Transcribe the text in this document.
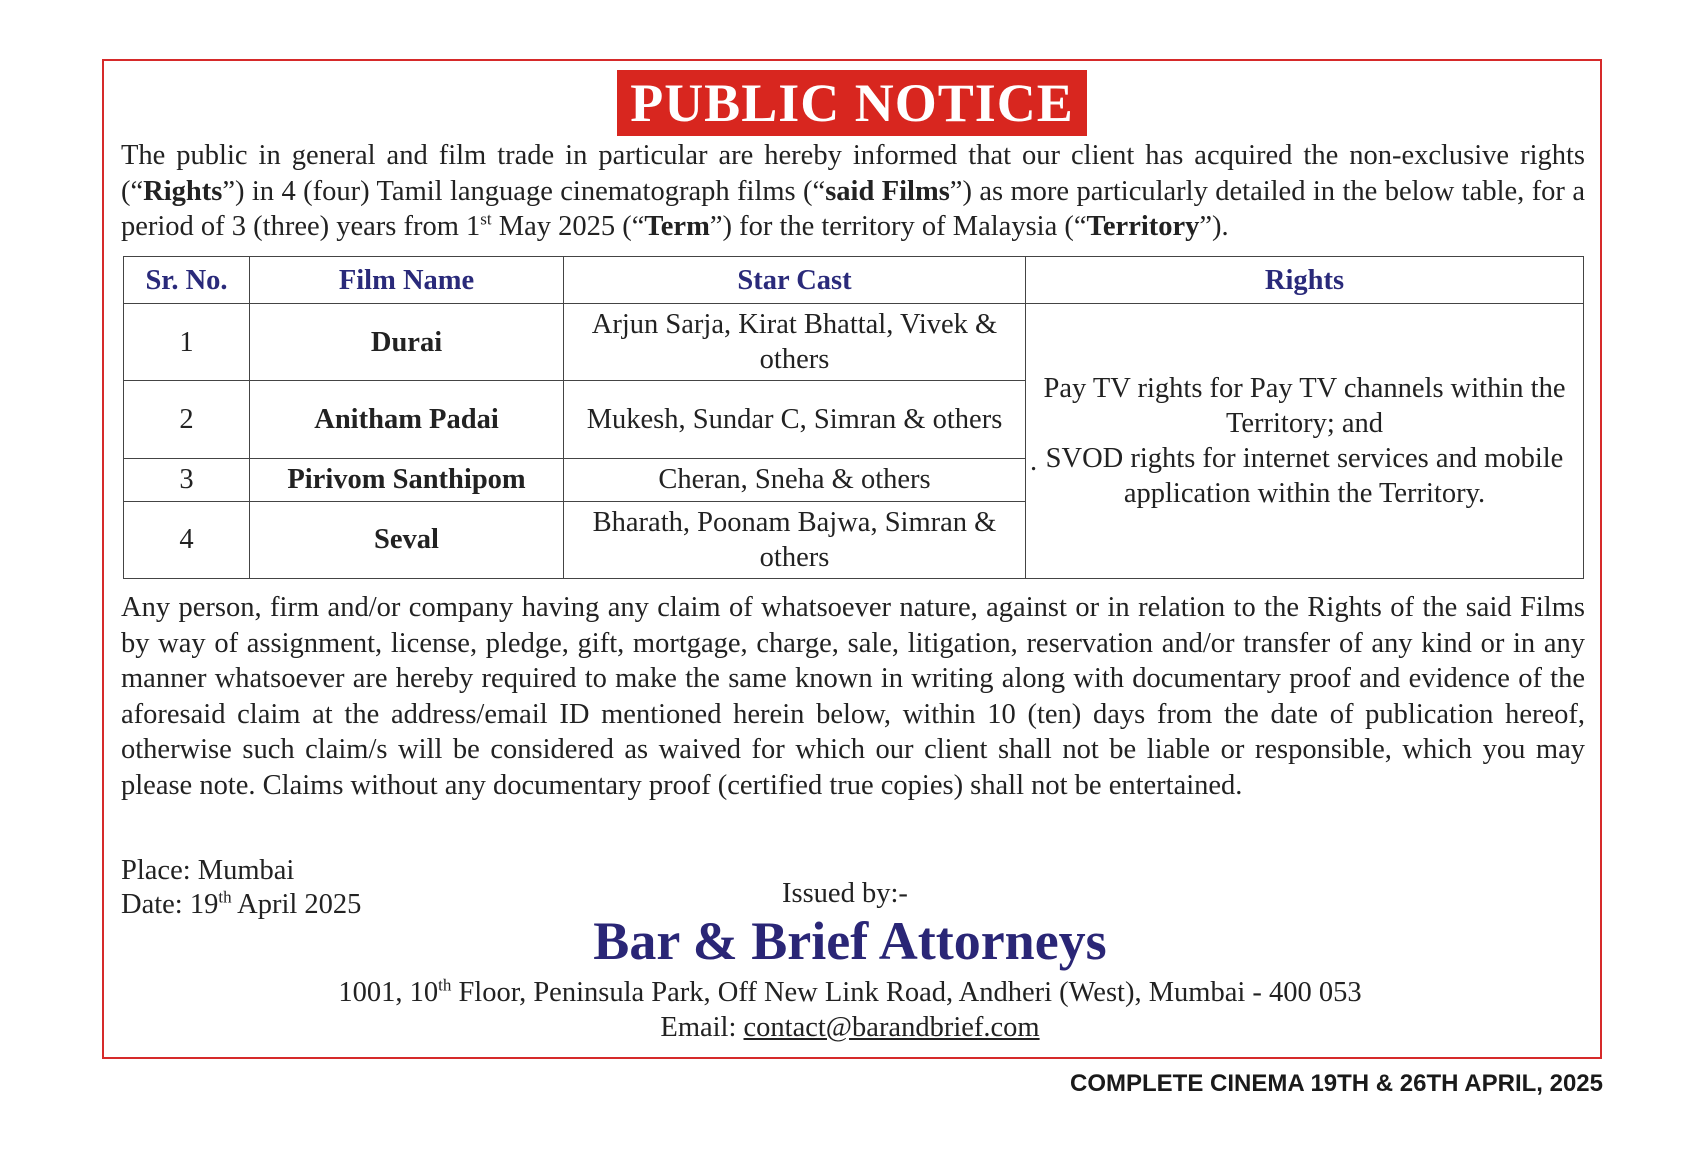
PUBLIC NOTICE
The public in general and film trade in particular are hereby informed that our client has acquired the non-exclusive rights (“Rights”) in 4 (four) Tamil language cinematograph films (“said Films”) as more particularly detailed in the below table, for a period of 3 (three) years from 1st May 2025 (“Term”) for the territory of Malaysia (“Territory”).
Sr. No.	Film Name	Star Cast	Rights
1	Durai	Arjun Sarja, Kirat Bhattal, Vivek & others	.
Pay TV rights for Pay TV channels within the Territory; and
SVOD rights for internet services and mobile application within the Territory.

2	Anitham Padai	Mukesh, Sundar C, Simran & others	
3	Pirivom Santhipom	Cheran, Sneha & others	
4	Seval	Bharath, Poonam Bajwa, Simran & others	
Any person, firm and/or company having any claim of whatsoever nature, against or in relation to the Rights of the said Films by way of assignment, license, pledge, gift, mortgage, charge, sale, litigation, reservation and/or transfer of any kind or in any manner whatsoever are hereby required to make the same known in writing along with documentary proof and evidence of the aforesaid claim at the address/email ID mentioned herein below, within 10 (ten) days from the date of publication hereof, otherwise such claim/s will be considered as waived for which our client shall not be liable or responsible, which you may please note. Claims without any documentary proof (certified true copies) shall not be entertained.
Place: Mumbai
Date: 19th April 2025	Issued by:-
Bar & Brief Attorneys
1001, 10th Floor, Peninsula Park, Off New Link Road, Andheri (West), Mumbai - 400 053
Email: contact@barandbrief.com
COMPLETE CINEMA 19TH & 26TH APRIL, 2025
